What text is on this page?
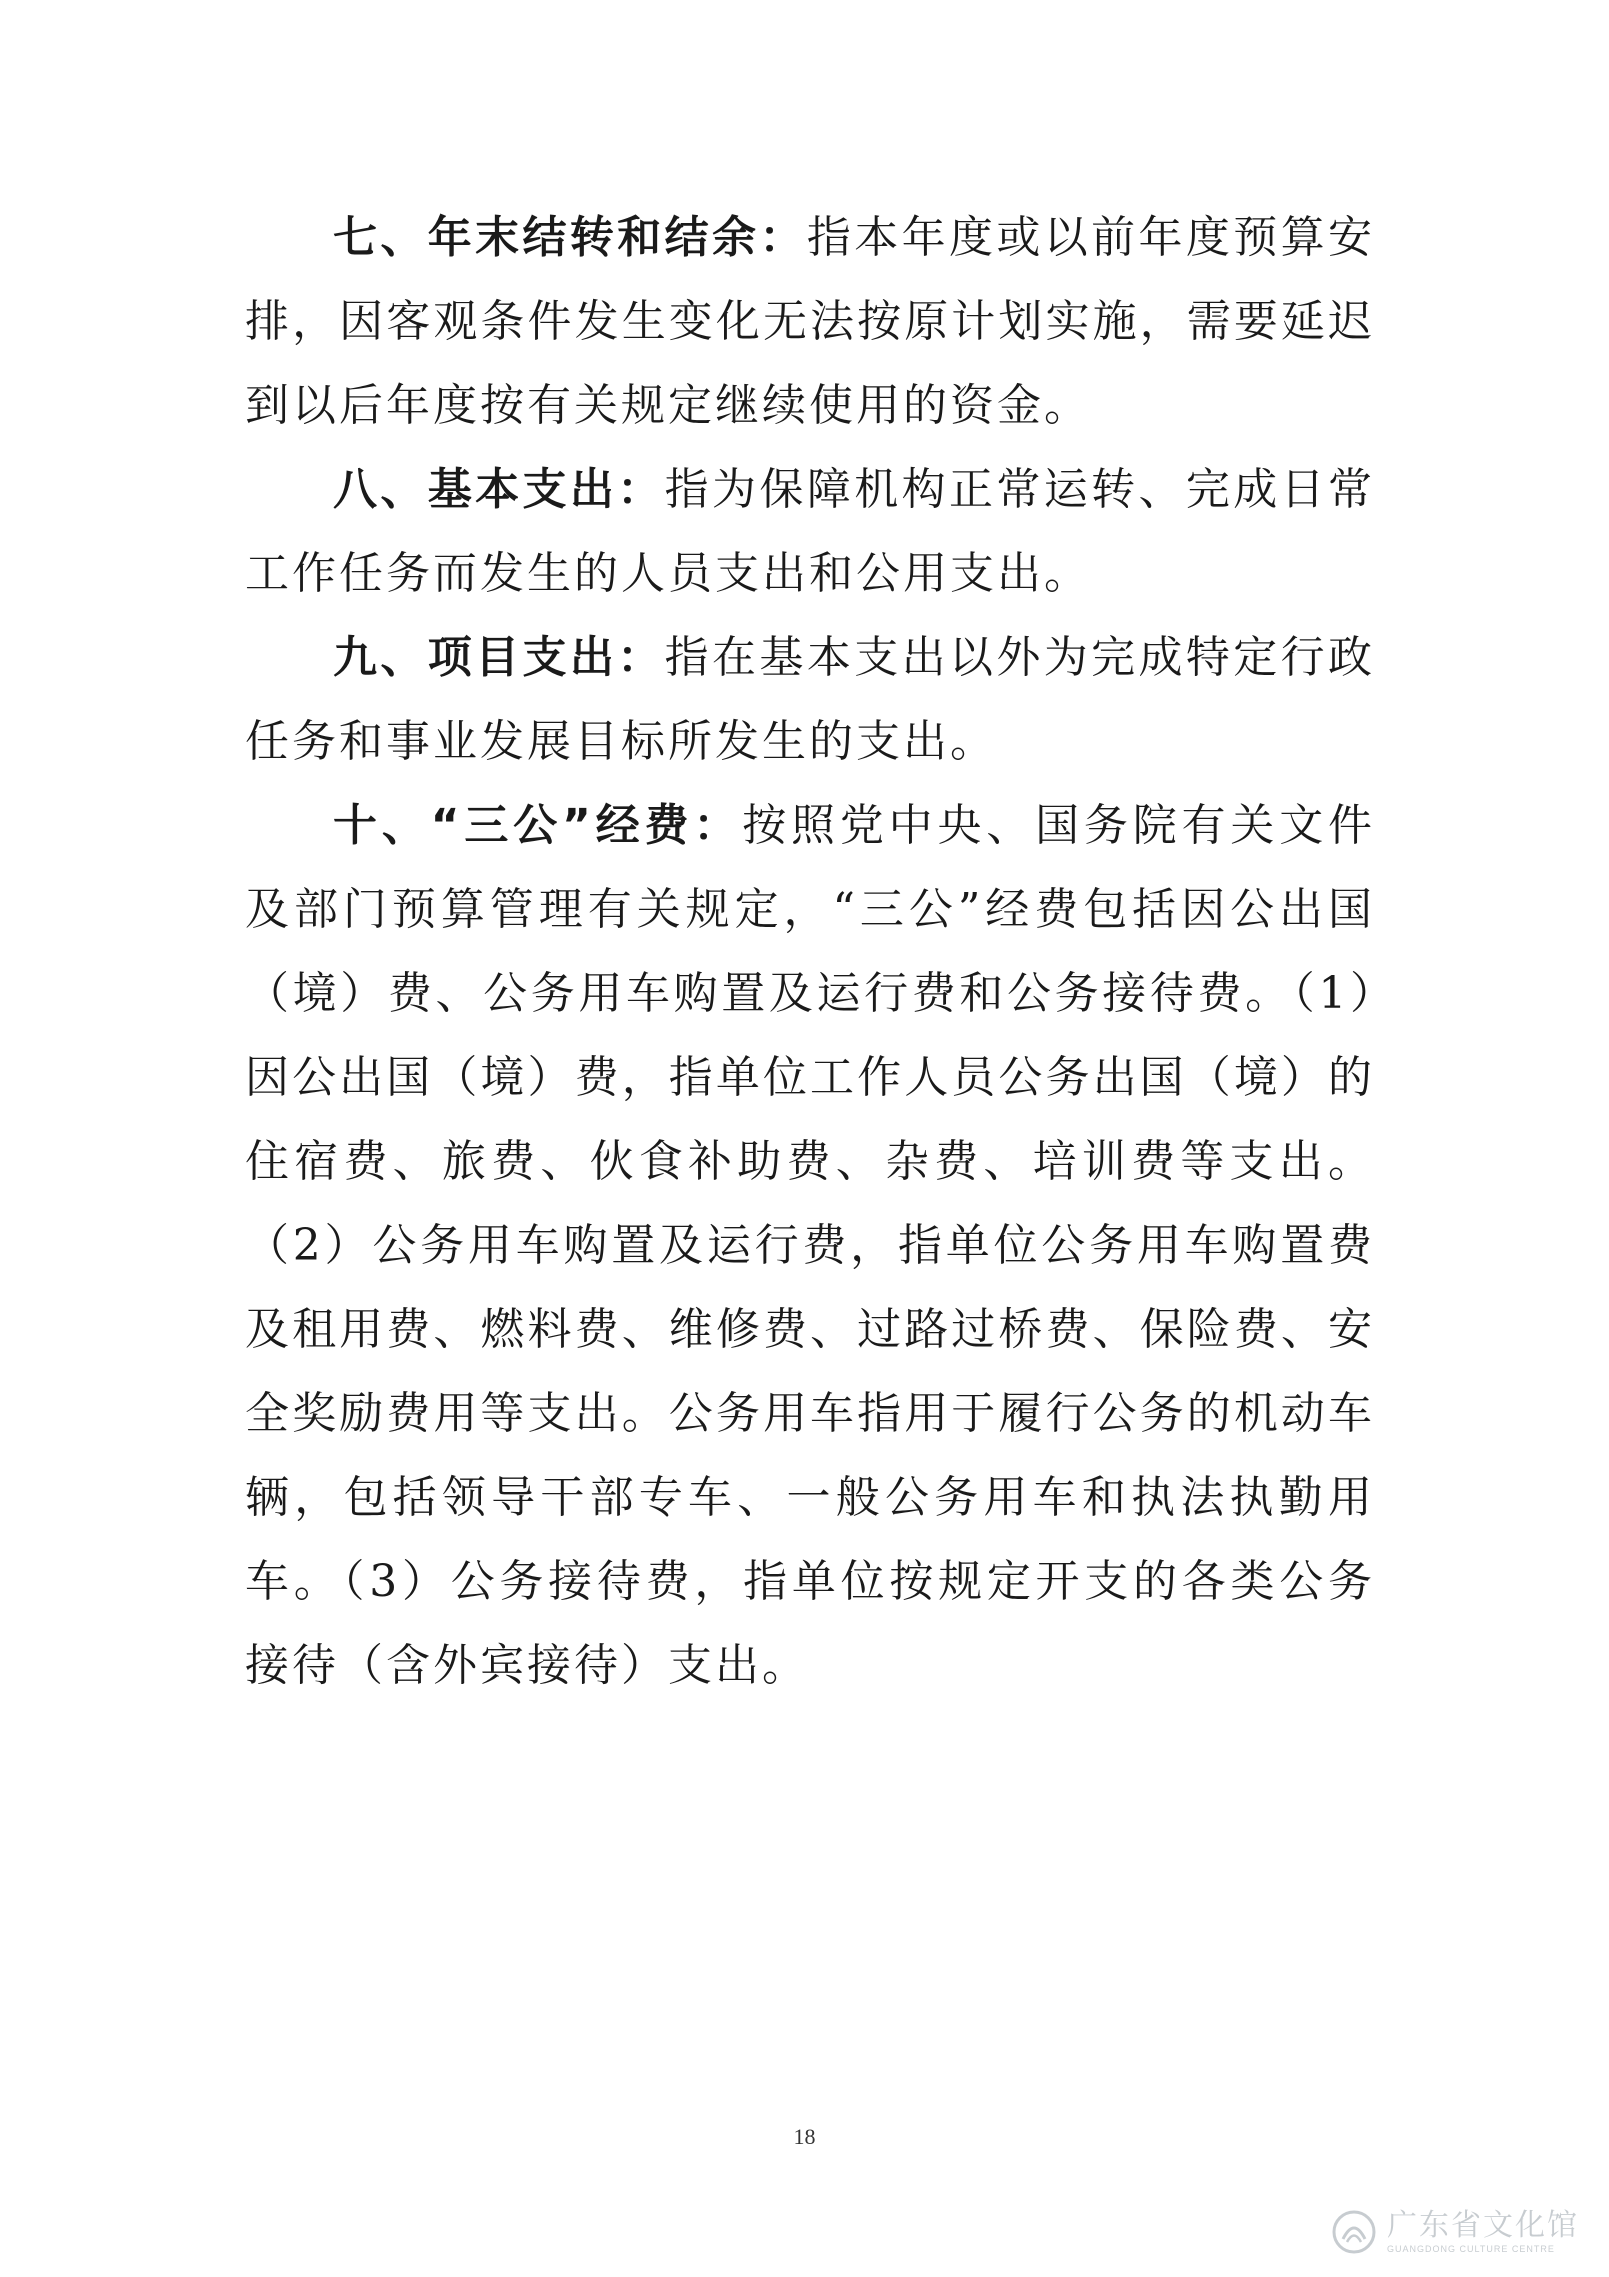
七、年末结转和结余：指本年度或以前年度预算安排，因客观条件发生变化无法按原计划实施，需要延迟到以后年度按有关规定继续使用的资金。

八、基本支出：指为保障机构正常运转、完成日常工作任务而发生的人员支出和公用支出。

九、项目支出：指在基本支出以外为完成特定行政任务和事业发展目标所发生的支出。

十、“三公”经费：按照党中央、国务院有关文件及部门预算管理有关规定，“三公”经费包括因公出国（境）费、公务用车购置及运行费和公务接待费。（1）因公出国（境）费，指单位工作人员公务出国（境）的住宿费、旅费、伙食补助费、杂费、培训费等支出。（2）公务用车购置及运行费，指单位公务用车购置费及租用费、燃料费、维修费、过路过桥费、保险费、安全奖励费用等支出。公务用车指用于履行公务的机动车辆，包括领导干部专车、一般公务用车和执法执勤用车。（3）公务接待费，指单位按规定开支的各类公务接待（含外宾接待）支出。

18
广东省文化馆
GUANGDONG CULTURE CENTRE
